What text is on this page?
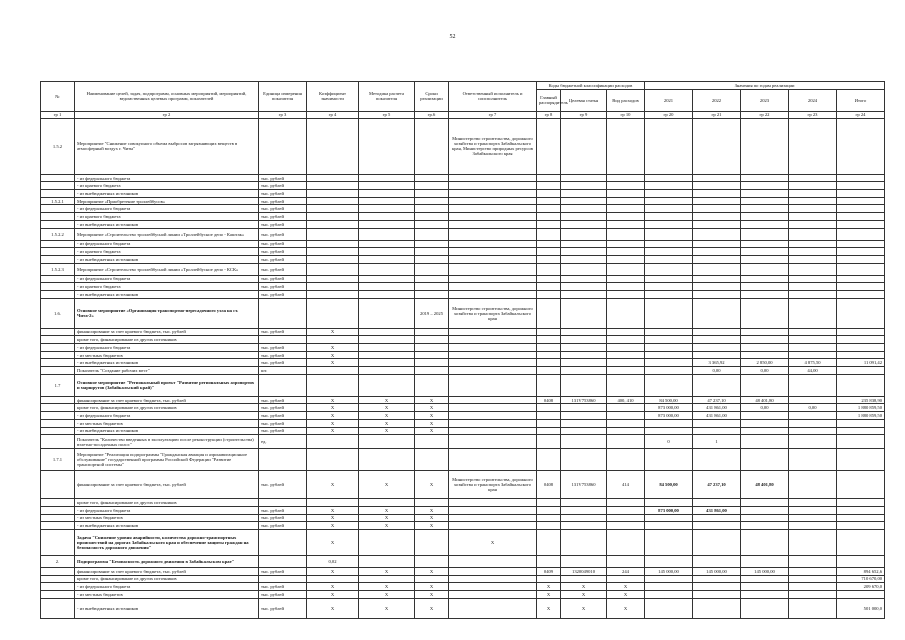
52
№	Наименование целей, задач, подпрограмм, основных мероприятий, мероприятий, ведомственных целевых программ, показателей	Единица измерения показателя	Коэффициент значимости	Методика расчета показателя	Сроки реализации	Ответственный исполнитель и соисполнитель	Коды бюджетной классификации расходов			Значения по годам реализации				
							Главный распорядитель	Целевая статья	Вид расходов	2021	2022	2023	2024	Итого
гр 1	гр 2	гр 3	гр 4	гр 5	гр.6	гр 7	гр 8	гр 9	гр 10	гр 20	гр 21	гр 22	гр 23	гр 24
1.5.2	Мероприятие "Снижение совокупного объема выбросов загрязняющих веществ в атмосферный воздух г. Читы"					Министерство строительства, дорожного хозяйства и транспорта Забайкальского края, Министерство природных ресурсов Забайкальского края								
	- из федерального бюджета	тыс. рублей												
	- из краевого бюджета	тыс. рублей												
	- из внебюджетных источников	тыс. рублей												
1.5.2.1	Мероприятие «Приобретение троллейбусов»	тыс. рублей												
	- из федерального бюджета	тыс. рублей												
	- из краевого бюджета	тыс. рублей												
	- из внебюджетных источников	тыс. рублей												
1.5.2.2	Мероприятие «Строительство троллейбусной линии «Троллейбусное депо - Каштак»	тыс. рублей												
	- из федерального бюджета	тыс. рублей												
	- из краевого бюджета	тыс. рублей												
	- из внебюджетных источников	тыс. рублей												
1.5.2.3	Мероприятие «Строительство троллейбусной линии «Троллейбусное депо - КСК»	тыс. рублей												
	- из федерального бюджета	тыс. рублей												
	- из краевого бюджета	тыс. рублей												
	- из внебюджетных источников	тыс. рублей												
1.6.	Основное мероприятие «Организация транспортно-пересадочного узла на ст. Чита-2»				2019 – 2025	Министерство строительства, дорожного хозяйства и транспорта Забайкальского края								
	финансирование за счет краевого бюджета, тыс. рублей	тыс. рублей	X											
	кроме того, финансирование из других источников													
	- из федерального бюджета	тыс. рублей	X											
	- из местных бюджетов	тыс. рублей	X											
	- из внебюджетных источников	тыс. рублей	X								3 365,92	2 850,00	4 875,50	11 091,42
	Показатель "Создание рабочих мест"	шт.									0,00	0,00	44,00	
1.7	Основное мероприятие "Региональный проект "Развитие региональных аэропортов и маршрутов (Забайкальский край)"													
	финансирование за счет краевого бюджета, тыс. рублей	тыс. рублей	X	X	X		0408	131V753860	400, 410	84 500,00	47 237,10	48 401,80		235 838,90
	кроме того, финансирование из других источников	тыс. рублей	X	X	X					873 000,00	431 861,00	0,00	0,00	1 880 859,50
	- из федерального бюджета	тыс. рублей	X	X	X					873 000,00	431 861,00			1 880 859,50
	- из местных бюджетов	тыс. рублей	X	X	X									
	- из внебюджетных источников	тыс. рублей	X	X	X									
	Показатель "Количество введенных в эксплуатацию после реконструкции (строительства) взлетно-посадочных полос"	ед.								0	1			
1.7.1	Мероприятие "Реализация подпрограммы "Гражданская авиация и аэронавигационное обслуживание" государственной программы Российской Федерации "Развитие транспортной системы"													
	финансирование за счет краевого бюджета, тыс. рублей	тыс. рублей	X	X	X	Министерство строительства, дорожного хозяйства и транспорта Забайкальского края	0408	131V753860	414	84 500,00	47 237,10	48 401,80		
	кроме того, финансирование из других источников													
	- из федерального бюджета	тыс. рублей	X	X	X					873 000,00	431 861,00			
	- из местных бюджетов	тыс. рублей	X	X	X									
	- из внебюджетных источников	тыс. рублей	X	X	X									
	Задача "Снижение уровня аварийности, количества дорожно-транспортных происшествий на дорогах Забайкальского края и обеспечение защиты граждан на безопасность дорожного движения"		X			X								
2.	Подпрограмма "Безопасность дорожного движения в Забайкальском крае"		0,02											
	финансирование за счет краевого бюджета, тыс. рублей	тыс. рублей	X	X	X		0409	1320049010	244	145 000,00	145 000,00	145 000,00		894 652,6
	кроме того, финансирование из других источников													710 670,00
	- из федерального бюджета	тыс. рублей	X	X	X		X	X	X					209 670,0
	- из местных бюджетов	тыс. рублей	X	X	X		X	X	X					
	- из внебюджетных источников	тыс. рублей	X	X	X		X	X	X					501 000,0
